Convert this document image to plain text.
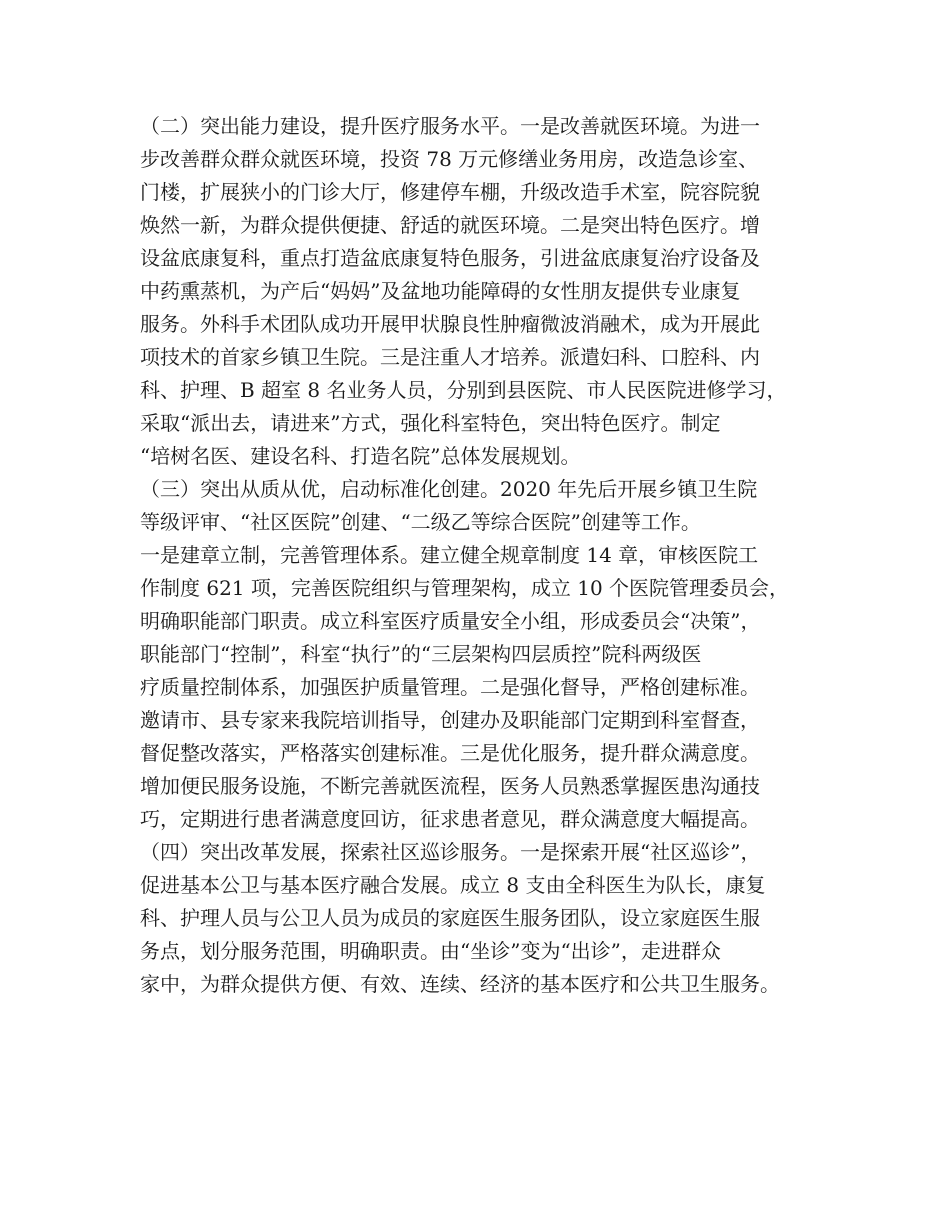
（二）突出能力建设，提升医疗服务水平。一是改善就医环境。为进一
步改善群众群众就医环境，投资 78 万元修缮业务用房，改造急诊室、
门楼，扩展狭小的门诊大厅，修建停车棚，升级改造手术室，院容院貌
焕然一新，为群众提供便捷、舒适的就医环境。二是突出特色医疗。增
设盆底康复科，重点打造盆底康复特色服务，引进盆底康复治疗设备及
中药熏蒸机，为产后“妈妈”及盆地功能障碍的女性朋友提供专业康复
服务。外科手术团队成功开展甲状腺良性肿瘤微波消融术，成为开展此
项技术的首家乡镇卫生院。三是注重人才培养。派遣妇科、口腔科、内
科、护理、B 超室 8 名业务人员，分别到县医院、市人民医院进修学习，
采取“派出去，请进来”方式，强化科室特色，突出特色医疗。制定
“培树名医、建设名科、打造名院”总体发展规划。
（三）突出从质从优，启动标准化创建。2020 年先后开展乡镇卫生院
等级评审、“社区医院”创建、“二级乙等综合医院”创建等工作。
一是建章立制，完善管理体系。建立健全规章制度 14 章，审核医院工
作制度 621 项，完善医院组织与管理架构，成立 10 个医院管理委员会，
明确职能部门职责。成立科室医疗质量安全小组，形成委员会“决策”，
职能部门“控制”，科室“执行”的“三层架构四层质控”院科两级医
疗质量控制体系，加强医护质量管理。二是强化督导，严格创建标准。
邀请市、县专家来我院培训指导，创建办及职能部门定期到科室督查，
督促整改落实，严格落实创建标准。三是优化服务，提升群众满意度。
增加便民服务设施，不断完善就医流程，医务人员熟悉掌握医患沟通技
巧，定期进行患者满意度回访，征求患者意见，群众满意度大幅提高。
（四）突出改革发展，探索社区巡诊服务。一是探索开展“社区巡诊”，
促进基本公卫与基本医疗融合发展。成立 8 支由全科医生为队长，康复
科、护理人员与公卫人员为成员的家庭医生服务团队，设立家庭医生服
务点，划分服务范围，明确职责。由“坐诊”变为“出诊”，走进群众
家中，为群众提供方便、有效、连续、经济的基本医疗和公共卫生服务。
